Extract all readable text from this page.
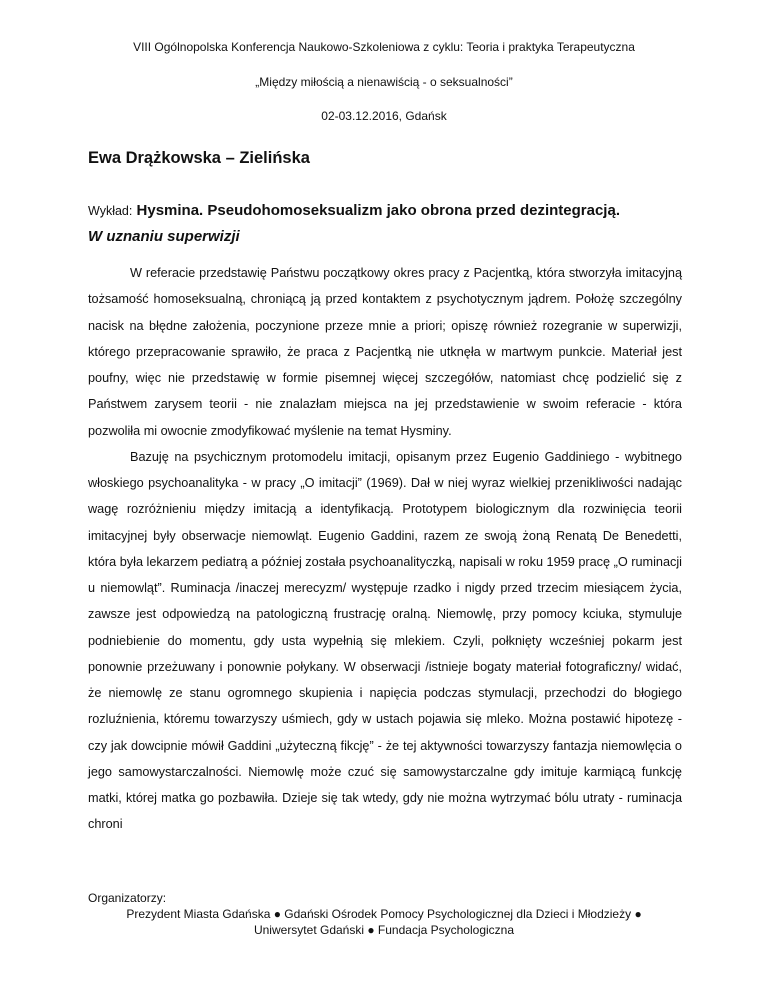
VIII Ogólnopolska Konferencja Naukowo-Szkoleniowa z cyklu: Teoria i praktyka Terapeutyczna
„Między miłością a nienawiścią - o seksualności”
02-03.12.2016, Gdańsk
Ewa Drążkowska – Zielińska
Wykład: Hysmina. Pseudohomoseksualizm jako obrona przed dezintegracją.
W uznaniu superwizji

W referacie przedstawię Państwu początkowy okres pracy z Pacjentką, która stworzyła imitacyjną tożsamość homoseksualną, chroniącą ją przed kontaktem z psychotycznym jądrem. Położę szczególny nacisk na błędne założenia, poczynione przeze mnie a priori; opiszę również rozegranie w superwizji, którego przepracowanie sprawiło, że praca z Pacjentką nie utknęła w martwym punkcie. Materiał jest poufny, więc nie przedstawię w formie pisemnej więcej szczegółów, natomiast chcę podzielić się z Państwem zarysem teorii - nie znalazłam miejsca na jej przedstawienie w swoim referacie - która pozwoliła mi owocnie zmodyfikować myślenie na temat Hysminy.

Bazuję na psychicznym protomodelu imitacji, opisanym przez Eugenio Gaddiniego - wybitnego włoskiego psychoanalityka - w pracy „O imitacji” (1969). Dał w niej wyraz wielkiej przenikliwości nadając wagę rozróżnieniu między imitacją a identyfikacją. Prototypem biologicznym dla rozwinięcia teorii imitacyjnej były obserwacje niemowląt. Eugenio Gaddini, razem ze swoją żoną Renatą De Benedetti, która była lekarzem pediatrą a później została psychoanalityczką, napisali w roku 1959 pracę „O ruminacji u niemowląt”. Ruminacja /inaczej merecyzm/ występuje rzadko i nigdy przed trzecim miesiącem życia, zawsze jest odpowiedzą na patologiczną frustrację oralną. Niemowlę, przy pomocy kciuka, stymuluje podniebienie do momentu, gdy usta wypełnią się mlekiem. Czyli, połknięty wcześniej pokarm jest ponownie przeżuwany i ponownie połykany. W obserwacji /istnieje bogaty materiał fotograficzny/ widać, że niemowlę ze stanu ogromnego skupienia i napięcia podczas stymulacji, przechodzi do błogiego rozluźnienia, któremu towarzyszy uśmiech, gdy w ustach pojawia się mleko. Można postawić hipotezę - czy jak dowcipnie mówił Gaddini „użyteczną fikcję” - że tej aktywności towarzyszy fantazja niemowlęcia o jego samowystarczalności. Niemowlę może czuć się samowystarczalne gdy imituje karmiącą funkcję matki, której matka go pozbawiła. Dzieje się tak wtedy, gdy nie można wytrzymać bólu utraty - ruminacja chroni

Organizatorzy:
Prezydent Miasta Gdańska ● Gdański Ośrodek Pomocy Psychologicznej dla Dzieci i Młodzieży ●
Uniwersytet Gdański ● Fundacja Psychologiczna
